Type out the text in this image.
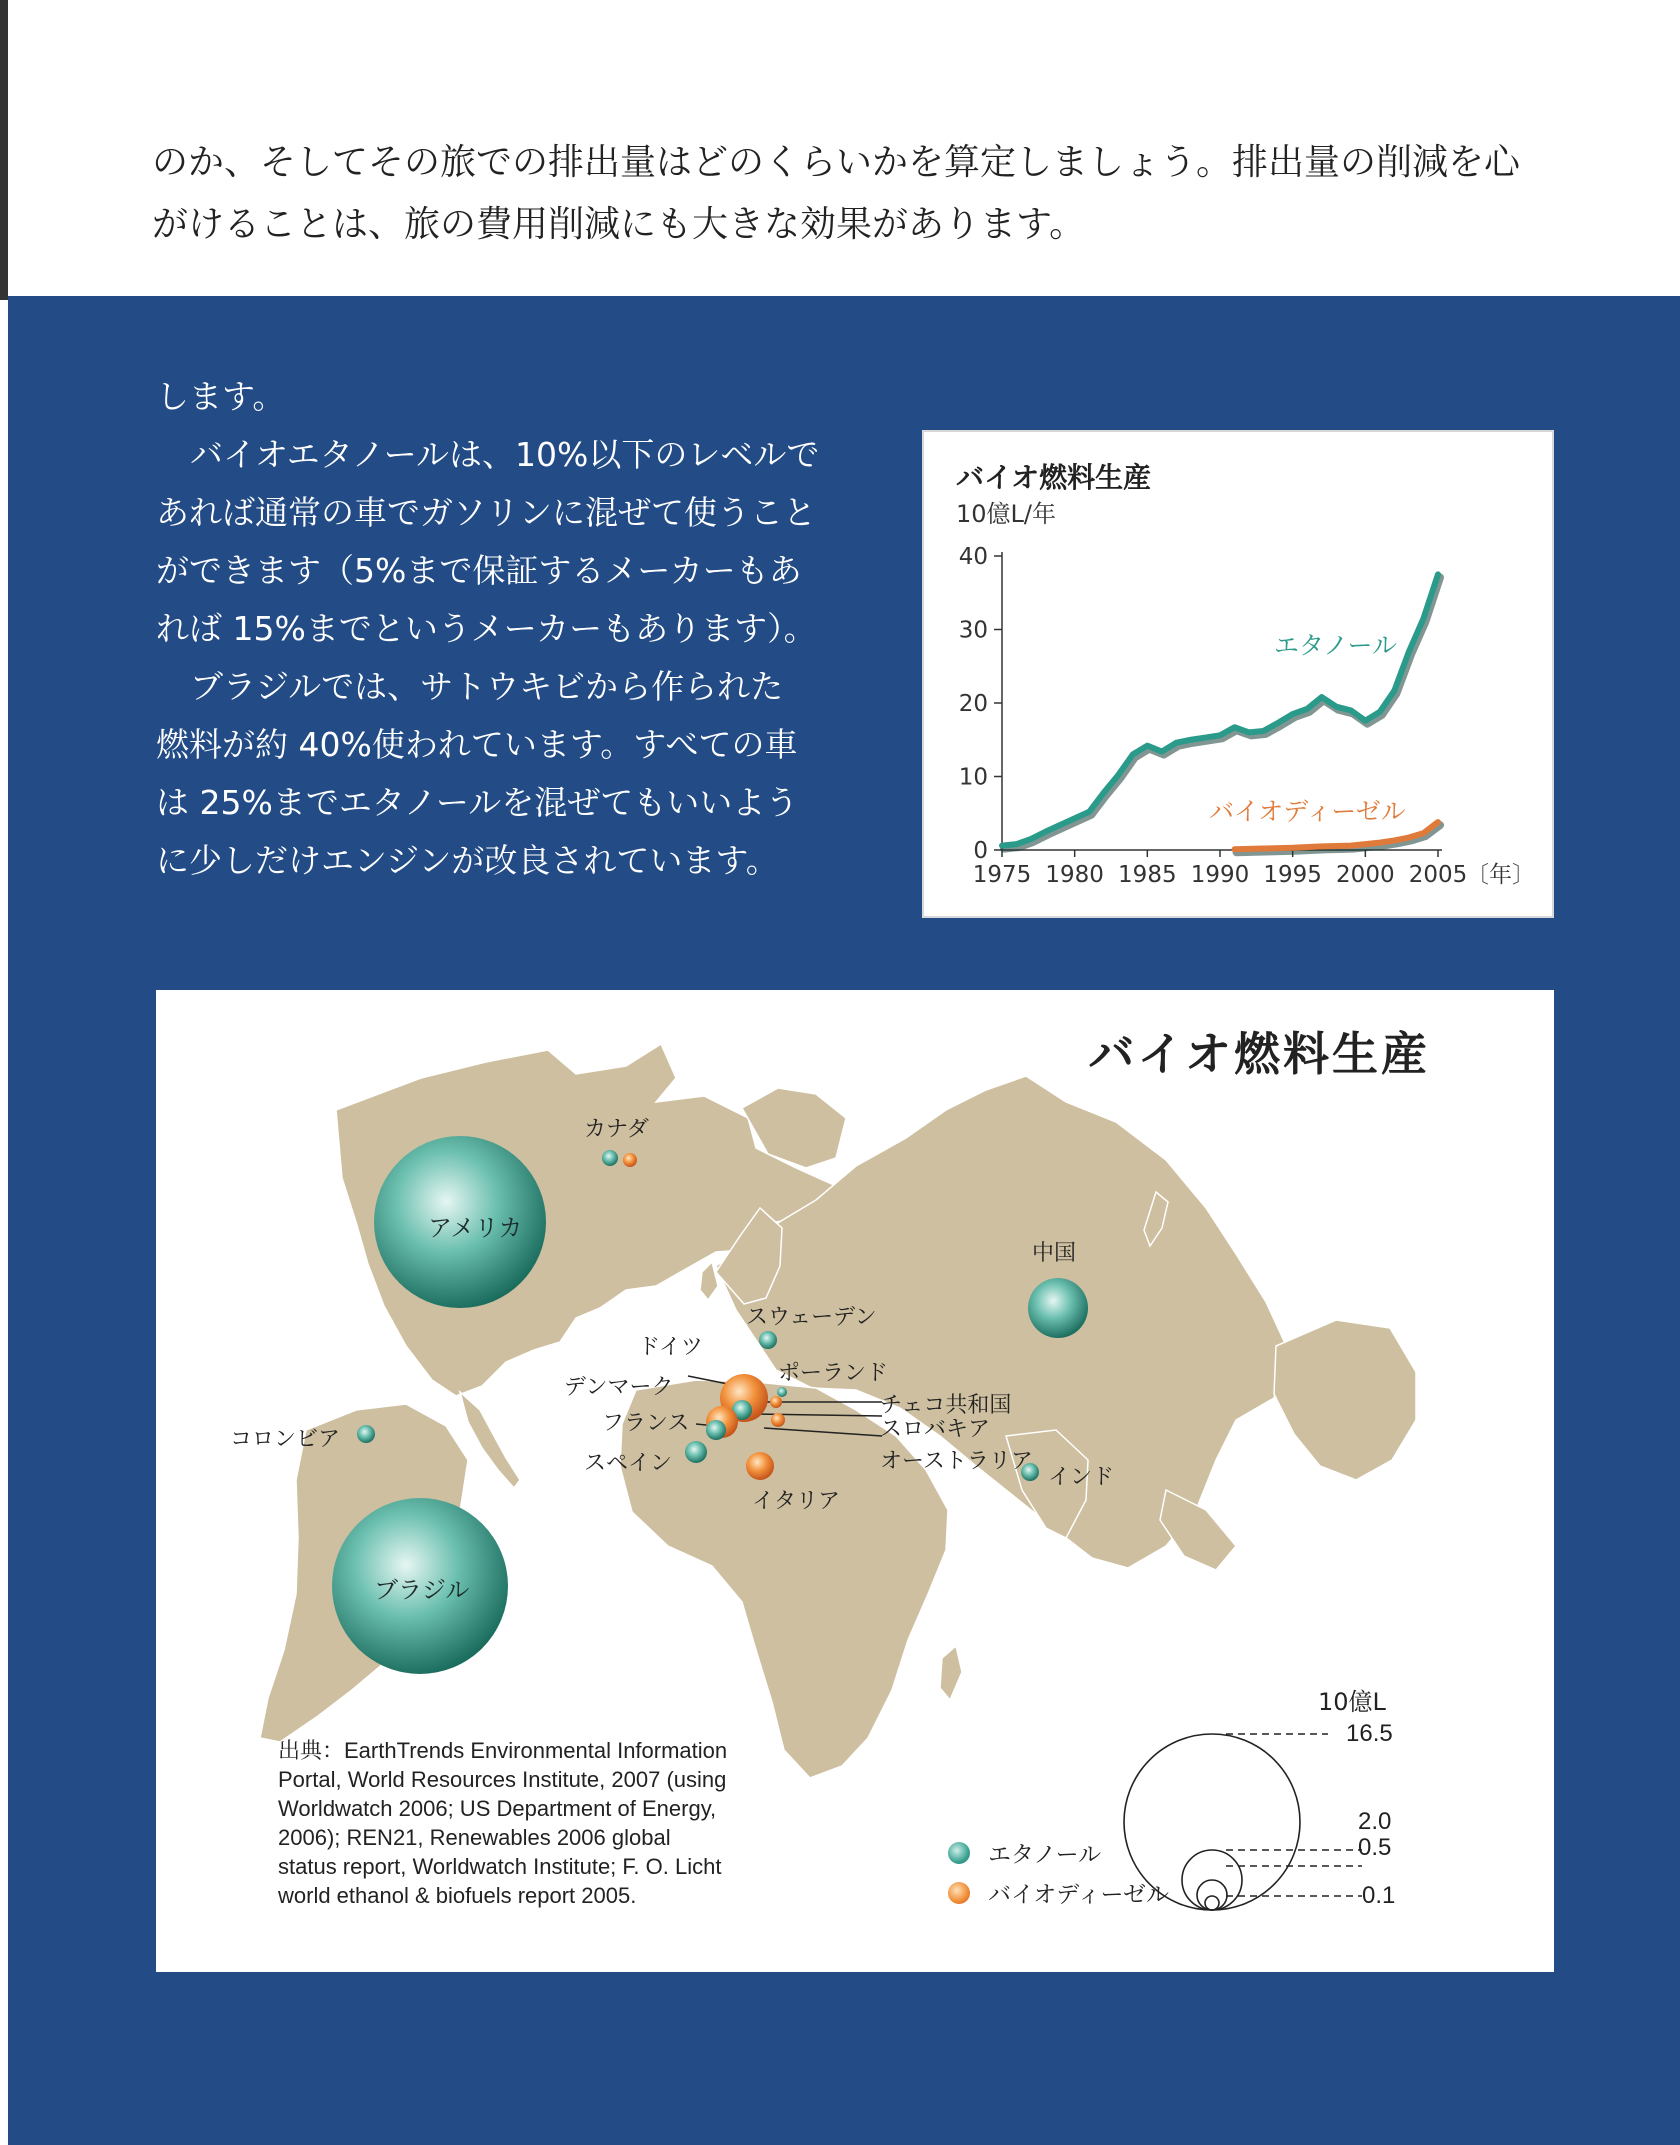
のか、そしてその旅での排出量はどのくらいかを算定しましょう。排出量の削減を心

がけることは、旅の費用削減にも大きな効果があります。

します。

バイオエタノールは、10%以下のレベルで

あれば通常の車でガソリンに混ぜて使うこと

ができます（5%まで保証するメーカーもあ

れば 15%までというメーカーもあります）。

ブラジルでは、サトウキビから作られた

燃料が約 40%使われています。すべての車

は 25%までエタノールを混ぜてもいいよう

に少しだけエンジンが改良されています。

バイオ燃料生産
10億L/年
0
10
20
30
40
1975 1980 1985 1990 1995 2000 2005
〔年〕
エタノール
バイオディーゼル
バイオ燃料生産
アメリカ
ブラジル
カナダ
中国
コロンビア
スウェーデン
ドイツ
ポーランド
デンマーク
チェコ共和国
フランス	スロバキア
スペイン	オーストラリア
イタリア
インド
出典：EarthTrends Environmental Information
Portal, World Resources Institute, 2007 (using
Worldwatch 2006; US Department of Energy,
2006); REN21, Renewables 2006 global
status report, Worldwatch Institute; F. O. Licht
world ethanol & biofuels report 2005.
エタノール
バイオディーゼル
10億L
16.5
2.0
0.5
0.1
